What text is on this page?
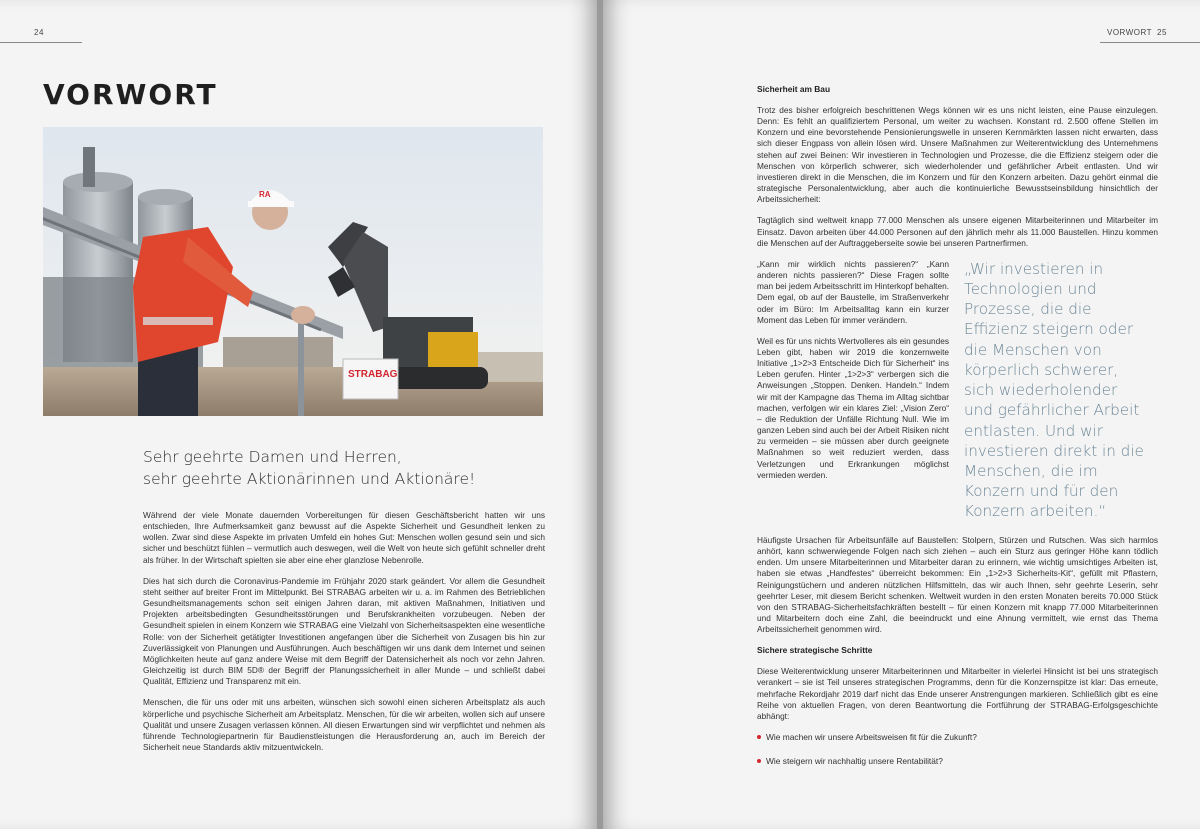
24
VORWORT
STRABAG
RA
Sehr geehrte Damen und Herren,
sehr geehrte Aktionärinnen und Aktionäre!

Während der viele Monate dauernden Vorbereitungen für diesen Geschäftsbericht hatten wir uns entschieden, Ihre Aufmerksamkeit ganz bewusst auf die Aspekte Sicherheit und Gesundheit lenken zu wollen. Zwar sind diese Aspekte im privaten Umfeld ein hohes Gut: Menschen wollen gesund sein und sich sicher und beschützt fühlen – vermutlich auch deswegen, weil die Welt von heute sich gefühlt schneller dreht als früher. In der Wirtschaft spielten sie aber eine eher glanzlose Nebenrolle.

Dies hat sich durch die Coronavirus-Pandemie im Frühjahr 2020 stark geändert. Vor allem die Gesundheit steht seither auf breiter Front im Mittelpunkt. Bei STRABAG arbeiten wir u. a. im Rahmen des Betrieblichen Gesundheitsmanagements schon seit einigen Jahren daran, mit aktiven Maßnahmen, Initiativen und Projekten arbeitsbedingten Gesundheitsstörungen und Berufskrankheiten vorzubeugen. Neben der Gesundheit spielen in einem Konzern wie STRABAG eine Vielzahl von Sicherheitsaspekten eine wesentliche Rolle: von der Sicherheit getätigter Investitionen angefangen über die Sicherheit von Zusagen bis hin zur Zuverlässigkeit von Planungen und Ausführungen. Auch beschäftigen wir uns dank dem Internet und seinen Möglichkeiten heute auf ganz andere Weise mit dem Begriff der Datensicherheit als noch vor zehn Jahren. Gleichzeitig ist durch BIM 5D® der Begriff der Planungssicherheit in aller Munde – und schließt dabei Qualität, Effizienz und Transparenz mit ein.

Menschen, die für uns oder mit uns arbeiten, wünschen sich sowohl einen sicheren Arbeitsplatz als auch körperliche und psychische Sicherheit am Arbeitsplatz. Menschen, für die wir arbeiten, wollen sich auf unsere Qualität und unsere Zusagen verlassen können. All diesen Erwartungen sind wir verpflichtet und nehmen als führende Technologiepartnerin für Baudienstleistungen die Herausforderung an, auch im Bereich der Sicherheit neue Standards aktiv mitzuentwickeln.

VORWORT 25
Sicherheit am Bau

Trotz des bisher erfolgreich beschrittenen Wegs können wir es uns nicht leisten, eine Pause einzulegen. Denn: Es fehlt an qualifiziertem Personal, um weiter zu wachsen. Konstant rd. 2.500 offene Stellen im Konzern und eine bevorstehende Pensionierungswelle in unseren Kernmärkten lassen nicht erwarten, dass sich dieser Engpass von allein lösen wird. Unsere Maßnahmen zur Weiterentwicklung des Unternehmens stehen auf zwei Beinen: Wir investieren in Technologien und Prozesse, die die Effizienz steigern oder die Menschen von körperlich schwerer, sich wiederholender und gefährlicher Arbeit entlasten. Und wir investieren direkt in die Menschen, die im Konzern und für den Konzern arbeiten. Dazu gehört einmal die strategische Personalentwicklung, aber auch die kontinuierliche Bewusstseinsbildung hinsichtlich der Arbeitssicherheit:

Tagtäglich sind weltweit knapp 77.000 Menschen als unsere eigenen Mitarbeiterinnen und Mitarbeiter im Einsatz. Davon arbeiten über 44.000 Personen auf den jährlich mehr als 11.000 Baustellen. Hinzu kommen die Menschen auf der Auftraggeberseite sowie bei unseren Partnerfirmen.

„Kann mir wirklich nichts passieren?“ „Kann anderen nichts passieren?“ Diese Fragen sollte man bei jedem Arbeitsschritt im Hinterkopf behalten. Dem egal, ob auf der Baustelle, im Straßenverkehr oder im Büro: Im Arbeitsalltag kann ein kurzer Moment das Leben für immer verändern.

Weil es für uns nichts Wertvolleres als ein gesundes Leben gibt, haben wir 2019 die konzernweite Initiative „1>2>3 Entscheide Dich für Sicherheit“ ins Leben gerufen. Hinter „1>2>3“ verbergen sich die Anweisungen „Stoppen. Denken. Handeln.“ Indem wir mit der Kampagne das Thema im Alltag sichtbar machen, verfolgen wir ein klares Ziel: „Vision Zero“ – die Reduktion der Unfälle Richtung Null. Wie im ganzen Leben sind auch bei der Arbeit Risiken nicht zu vermeiden – sie müssen aber durch geeignete Maßnahmen so weit reduziert werden, dass Verletzungen und Erkrankungen möglichst vermieden werden.

„Wir investieren in
Technologien und
Prozesse, die die
Effizienz steigern oder
die Menschen von
körperlich schwerer,
sich wiederholender
und gefährlicher Arbeit
entlasten. Und wir
investieren direkt in die
Menschen, die im
Konzern und für den
Konzern arbeiten.“

Häufigste Ursachen für Arbeitsunfälle auf Baustellen: Stolpern, Stürzen und Rutschen. Was sich harmlos anhört, kann schwerwiegende Folgen nach sich ziehen – auch ein Sturz aus geringer Höhe kann tödlich enden. Um unsere Mitarbeiterinnen und Mitarbeiter daran zu erinnern, wie wichtig umsichtiges Arbeiten ist, haben sie etwas „Handfestes“ überreicht bekommen: Ein „1>2>3 Sicherheits-Kit“, gefüllt mit Pflastern, Reinigungstüchern und anderen nützlichen Hilfsmitteln, das wir auch Ihnen, sehr geehrte Leserin, sehr geehrter Leser, mit diesem Bericht schenken. Weltweit wurden in den ersten Monaten bereits 70.000 Stück von den STRABAG-Sicherheitsfachkräften bestellt – für einen Konzern mit knapp 77.000 Mitarbeiterinnen und Mitarbeitern doch eine Zahl, die beeindruckt und eine Ahnung vermittelt, wie ernst das Thema Arbeitssicherheit genommen wird.

Sichere strategische Schritte

Diese Weiterentwicklung unserer Mitarbeiterinnen und Mitarbeiter in vielerlei Hinsicht ist bei uns strategisch verankert – sie ist Teil unseres strategischen Programms, denn für die Konzernspitze ist klar: Das erneute, mehrfache Rekordjahr 2019 darf nicht das Ende unserer Anstrengungen markieren. Schließlich gibt es eine Reihe von aktuellen Fragen, von deren Beantwortung die Fortführung der STRABAG-Erfolgsgeschichte abhängt:

Wie machen wir unsere Arbeitsweisen fit für die Zukunft?
Wie steigern wir nachhaltig unsere Rentabilität?
